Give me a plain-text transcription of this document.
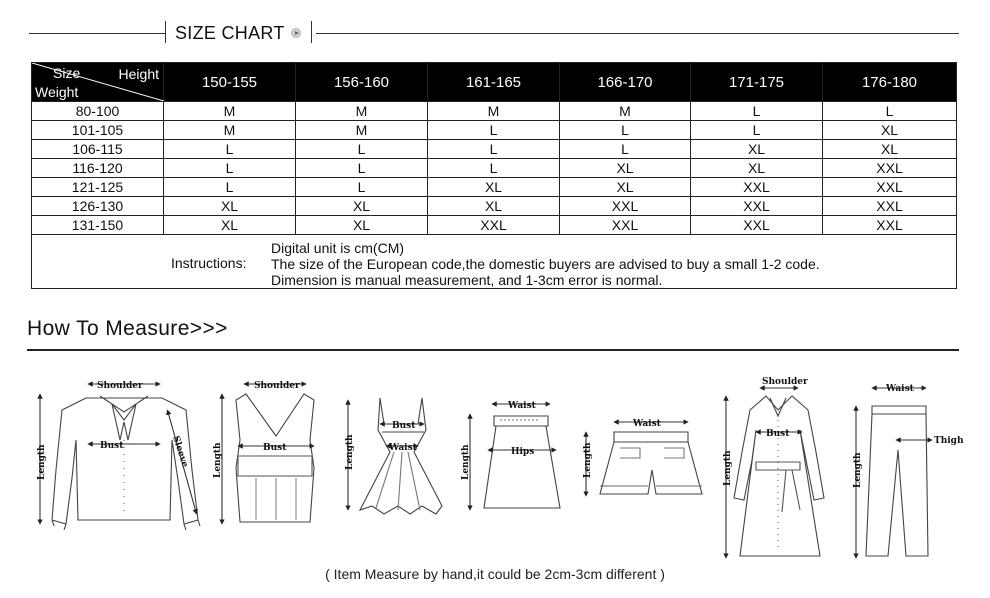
SIZE CHART
Size Height
Weight	150-155	156-160	161-165	166-170	171-175	176-180
80-100	M	M	M	M	L	L
101-105	M	M	L	L	L	XL
106-115	L	L	L	L	XL	XL
116-120	L	L	L	XL	XL	XXL
121-125	L	L	XL	XL	XXL	XXL
126-130	XL	XL	XL	XXL	XXL	XXL
131-150	XL	XL	XXL	XXL	XXL	XXL

Instructions:
Digital unit is cm(CM)
The size of the European code,the domestic buyers are advised to buy a small 1-2 code.
Dimension is manual measurement, and 1-3cm error is normal.						
How To Measure>>>
Shoulder
Bust
Length	Sleeve
Shoulder
Bust
Length
Bust
Waist
Length
Waist
Hips
Length
Waist
Length
Shoulder
Bust
Length
Waist
Thigh
Length
( Item Measure by hand,it could be 2cm-3cm different )
